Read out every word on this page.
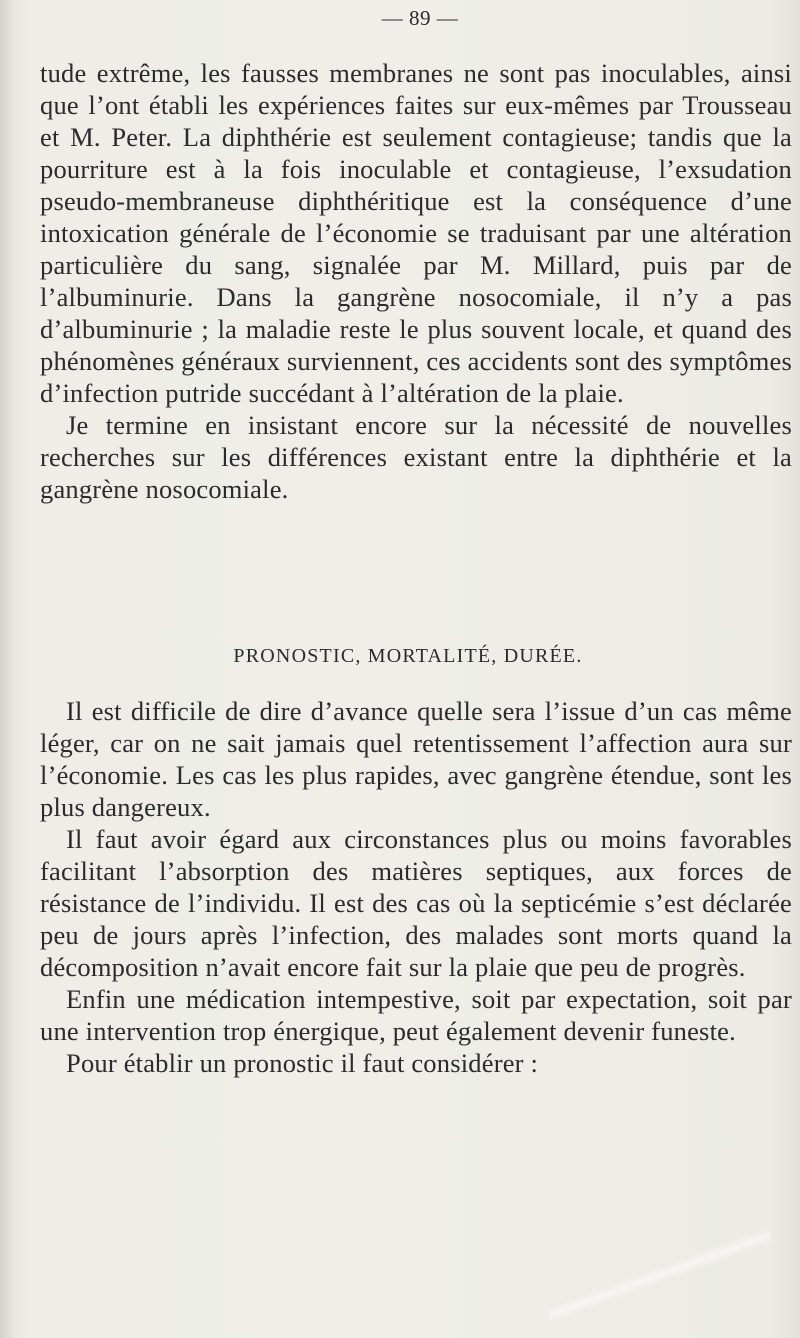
— 89 —

tude extrême, les fausses membranes ne sont pas inoculables, ainsi que l’ont établi les expériences faites sur eux-mêmes par Trousseau et M. Peter. La diphthérie est seulement contagieuse; tandis que la pourriture est à la fois inoculable et contagieuse, l’exsudation pseudo-membraneuse diphthéritique est la conséquence d’une intoxication générale de l’économie se traduisant par une altération particulière du sang, signalée par M. Millard, puis par de l’albuminurie. Dans la gangrène nosocomiale, il n’y a pas d’albuminurie ; la maladie reste le plus souvent locale, et quand des phénomènes généraux surviennent, ces accidents sont des symptômes d’infection putride succédant à l’altération de la plaie.

Je termine en insistant encore sur la nécessité de nouvelles recherches sur les différences existant entre la diphthérie et la gangrène nosocomiale.

PRONOSTIC, MORTALITÉ, DURÉE.

Il est difficile de dire d’avance quelle sera l’issue d’un cas même léger, car on ne sait jamais quel retentissement l’affection aura sur l’économie. Les cas les plus rapides, avec gangrène étendue, sont les plus dangereux.

Il faut avoir égard aux circonstances plus ou moins favorables facilitant l’absorption des matières septiques, aux forces de résistance de l’individu. Il est des cas où la septicémie s’est déclarée peu de jours après l’infection, des malades sont morts quand la décomposition n’avait encore fait sur la plaie que peu de progrès.

Enfin une médication intempestive, soit par expectation, soit par une intervention trop énergique, peut également devenir funeste.

Pour établir un pronostic il faut considérer :
